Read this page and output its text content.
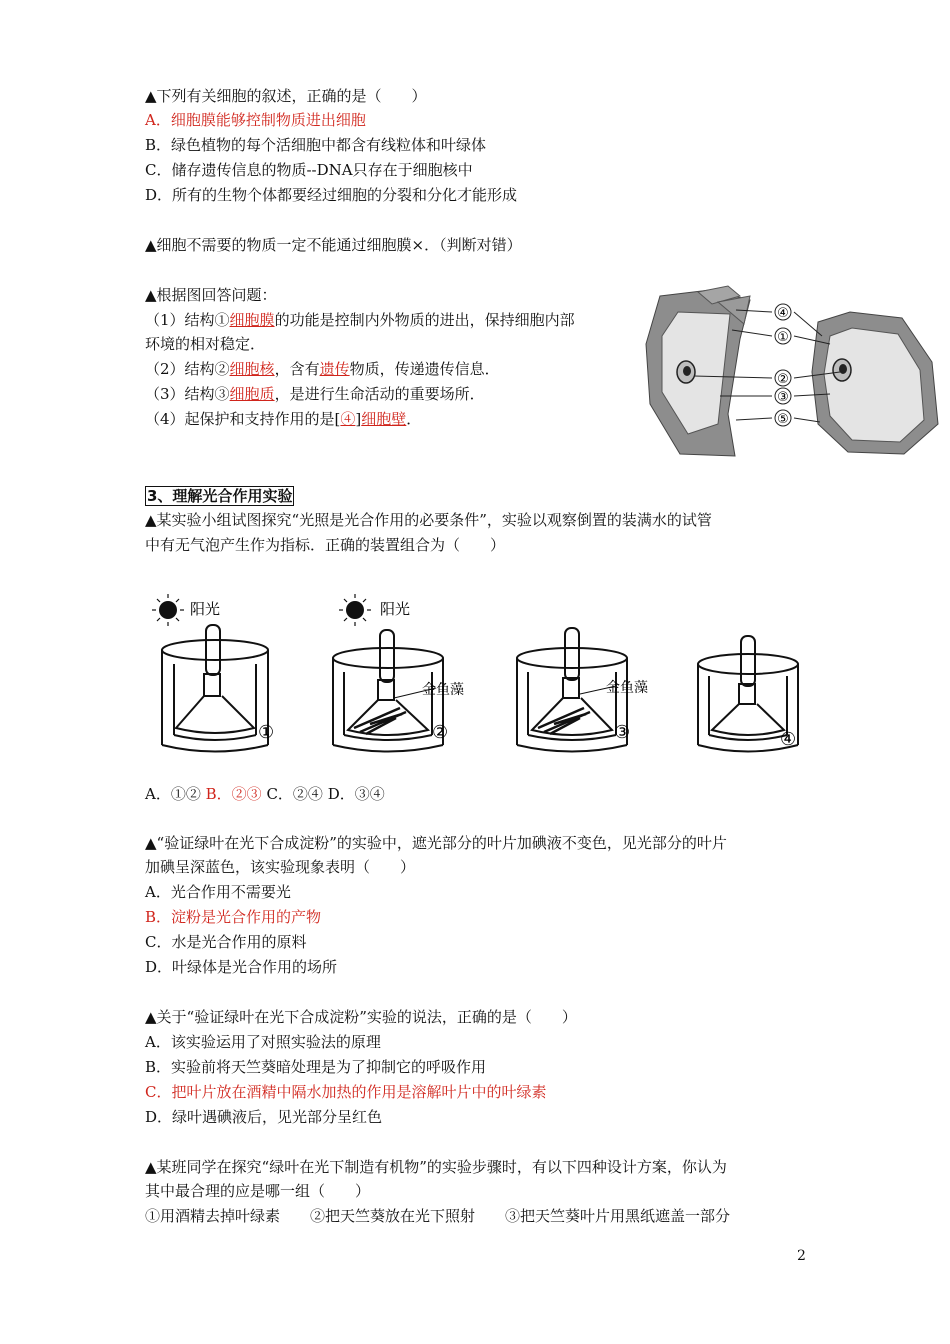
▲下列有关细胞的叙述，正确的是（　　）
A．细胞膜能够控制物质进出细胞
B．绿色植物的每个活细胞中都含有线粒体和叶绿体
C．储存遗传信息的物质--DNA只存在于细胞核中
D．所有的生物个体都要经过细胞的分裂和分化才能形成
▲细胞不需要的物质一定不能通过细胞膜×．（判断对错）
▲根据图回答问题：
（1）结构①细胞膜的功能是控制内外物质的进出，保持细胞内部
环境的相对稳定．
（2）结构②细胞核，含有遗传物质，传递遗传信息．
（3）结构③细胞质，是进行生命活动的重要场所．
（4）起保护和支持作用的是[④]细胞壁．
④
①
②
③
⑤
3、理解光合作用实验
▲某实验小组试图探究“光照是光合作用的必要条件”，实验以观察倒置的装满水的试管
中有无气泡产生作为指标．正确的装置组合为（　　）
阳光	阳光
金鱼藻	金鱼藻
①	②	③	④
A．①② B．②③ C．②④ D．③④
▲“验证绿叶在光下合成淀粉”的实验中，遮光部分的叶片加碘液不变色，见光部分的叶片
加碘呈深蓝色，该实验现象表明（　　）
A．光合作用不需要光
B．淀粉是光合作用的产物
C．水是光合作用的原料
D．叶绿体是光合作用的场所
▲关于“验证绿叶在光下合成淀粉”实验的说法，正确的是（　　）
A．该实验运用了对照实验法的原理
B．实验前将天竺葵暗处理是为了抑制它的呼吸作用
C．把叶片放在酒精中隔水加热的作用是溶解叶片中的叶绿素
D．绿叶遇碘液后，见光部分呈红色
▲某班同学在探究“绿叶在光下制造有机物”的实验步骤时，有以下四种设计方案，你认为
其中最合理的应是哪一组（　　）
①用酒精去掉叶绿素　　②把天竺葵放在光下照射　　③把天竺葵叶片用黑纸遮盖一部分
2
